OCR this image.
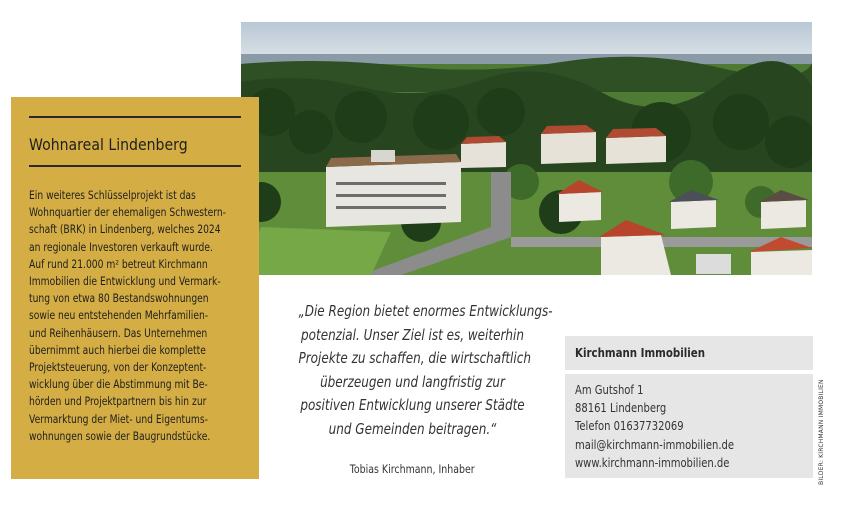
Wohnareal Lindenberg
Ein weiteres Schlüsselprojekt ist das
Wohnquartier der ehemaligen Schwestern-
schaft (BRK) in Lindenberg, welches 2024
an regionale Investoren verkauft wurde.
Auf rund 21.000 m² betreut Kirchmann
Immobilien die Entwicklung und Vermark-
tung von etwa 80 Bestandswohnungen
sowie neu entstehenden Mehrfamilien-
und Reihenhäusern. Das Unternehmen
übernimmt auch hierbei die komplette
Projektsteuerung, von der Konzeptent-
wicklung über die Abstimmung mit Be-
hörden und Projektpartnern bis hin zur
Vermarktung der Miet- und Eigentums-
wohnungen sowie der Baugrundstücke.
„Die Region bietet enormes Entwicklungs-
potenzial. Unser Ziel ist es, weiterhin
Projekte zu schaffen, die wirtschaftlich
überzeugen und langfristig zur
positiven Entwicklung unserer Städte
und Gemeinden beitragen.“
Tobias Kirchmann, Inhaber
Kirchmann Immobilien
Am Gutshof 1
88161 Lindenberg
Telefon 01637732069
mail@kirchmann-immobilien.de
www.kirchmann-immobilien.de	BILDER: KIRCHMANN IMMOBILIEN
